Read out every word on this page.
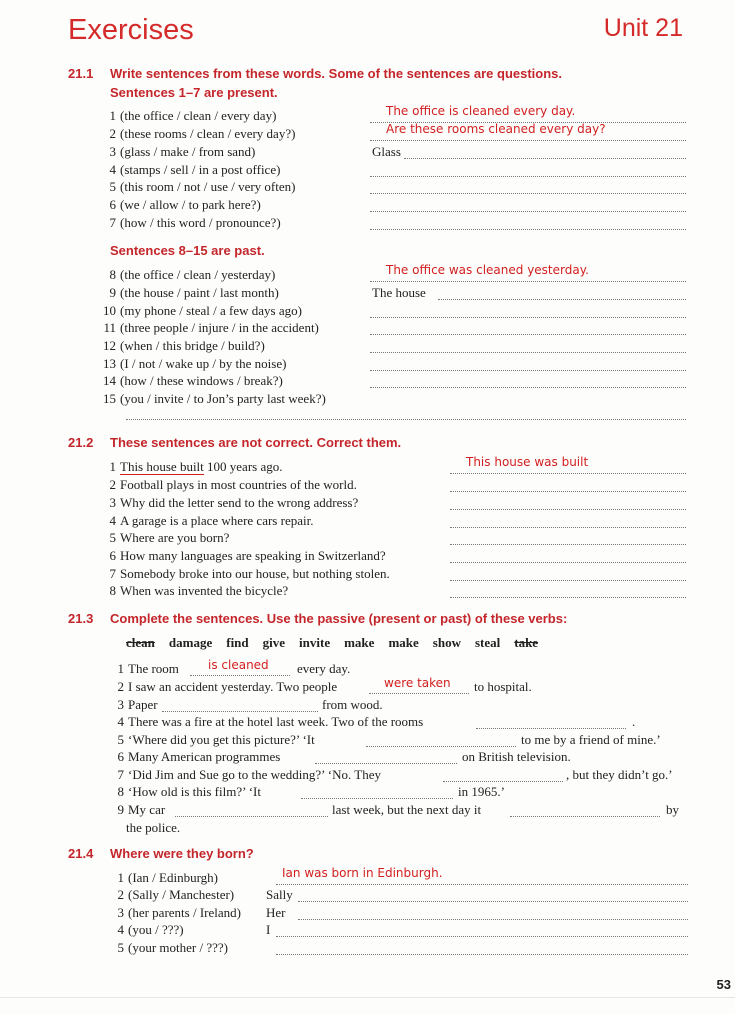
Exercises	Unit 21
21.1 Write sentences from these words. Some of the sentences are questions.
Sentences 1–7 are present.
Sentences 8–15 are past.
1 (the office / clean / every day)	The office is cleaned every day.
2 (these rooms / clean / every day?)	Are these rooms cleaned every day?
3 (glass / make / from sand)	Glass
4 (stamps / sell / in a post office)
5 (this room / not / use / very often)
6 (we / allow / to park here?)
7 (how / this word / pronounce?)
8 (the office / clean / yesterday)	The office was cleaned yesterday.
9 (the house / paint / last month)	The house
10 (my phone / steal / a few days ago)
11 (three people / injure / in the accident)
12 (when / this bridge / build?)
13 (I / not / wake up / by the noise)
14 (how / these windows / break?)
15 (you / invite / to Jon’s party last week?)
21.2 These sentences are not correct. Correct them.
1 This house built 100 years ago.	This house was built
2 Football plays in most countries of the world.
3 Why did the letter send to the wrong address?
4 A garage is a place where cars repair.
5 Where are you born?
6 How many languages are speaking in Switzerland?
7 Somebody broke into our house, but nothing stolen.
8 When was invented the bicycle?
21.3 Complete the sentences. Use the passive (present or past) of these verbs:
clean damage find give invite make make show steal take
1 The room is cleaned every day.
2 I saw an accident yesterday. Two people	were taken to hospital.
3 Paper	from wood.
4 There was a fire at the hotel last week. Two of the rooms	.
5 ‘Where did you get this picture?’ ‘It	to me by a friend of mine.’
6 Many American programmes	on British television.
7 ‘Did Jim and Sue go to the wedding?’ ‘No. They	, but they didn’t go.’
8 ‘How old is this film?’ ‘It	in 1965.’
9 My car	last week, but the next day it	by
the police.
21.4 Where were they born?
1 (Ian / Edinburgh)	Ian was born in Edinburgh.
2 (Sally / Manchester) Sally
3 (her parents / Ireland) Her
4 (you / ???)	I
5 (your mother / ???)
53
